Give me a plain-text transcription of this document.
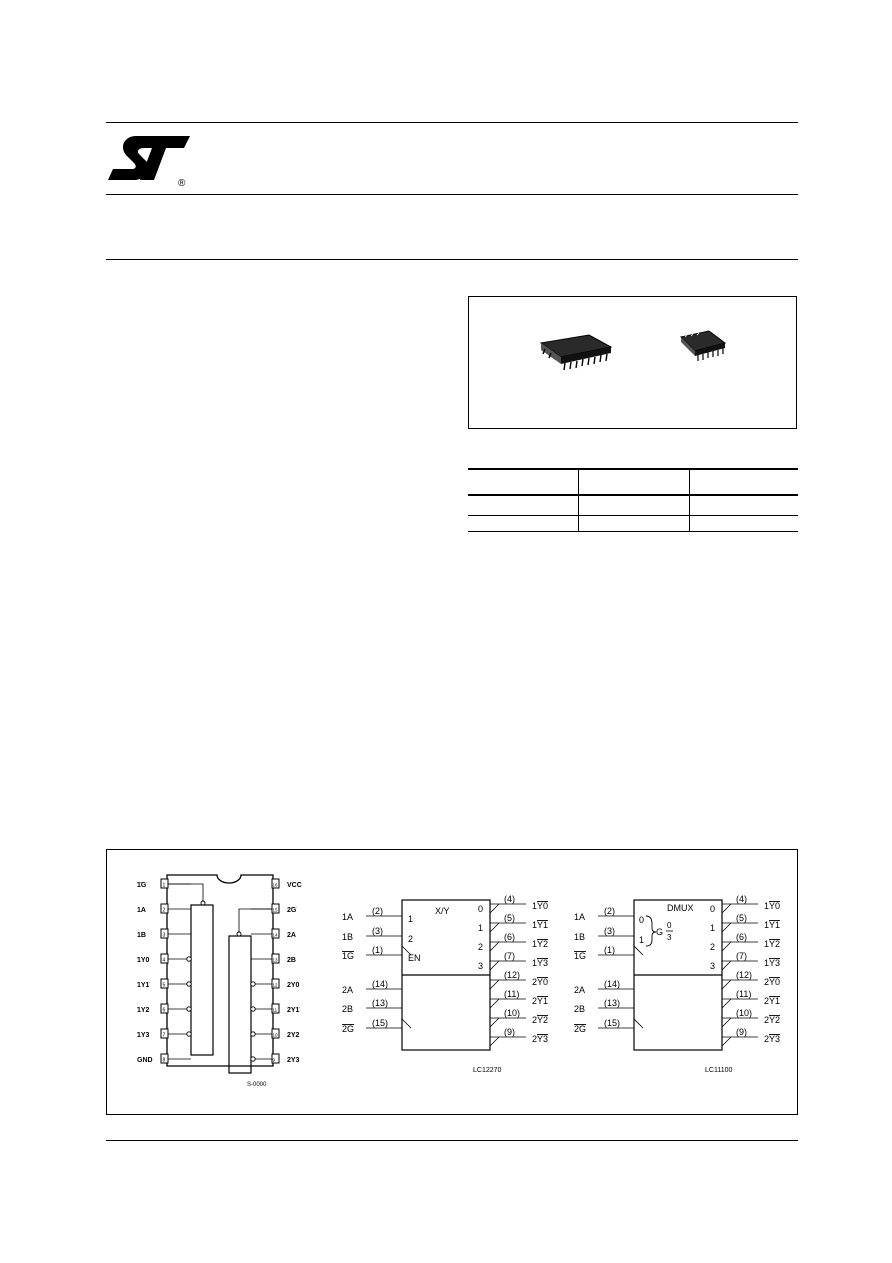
®

S-0000
1
1G
2
1A
3
1B
4
1Y0
5
1Y1
6
1Y2
7
1Y3
8
GND
16 VCC
15 2G
14 2A
13 2B
12 2Y0
11 2Y1
10 2Y2
9 2Y3
X/Y
1
2
EN
0
1
2
3
LC12270
(2)
1A
(3)
1B
(1)
1G
(14)
2A
(13)
2B
(15)
2G
(4)
1Y0
(5)
1Y1
(6)
1Y2
(7)
1Y3
(12)
2Y0
(11)
2Y1
(10)
2Y2
(9)
2Y3
DMUX
0
1
G
0
3
0
1
2
3
LC11100
(2)
1A
(3)
1B
(1)
1G
(14)
2A
(13)
2B
(15)
2G
(4)
1Y0
(5)
1Y1
(6)
1Y2
(7)
1Y3
(12)
2Y0
(11)
2Y1
(10)
2Y2
(9)
2Y3
